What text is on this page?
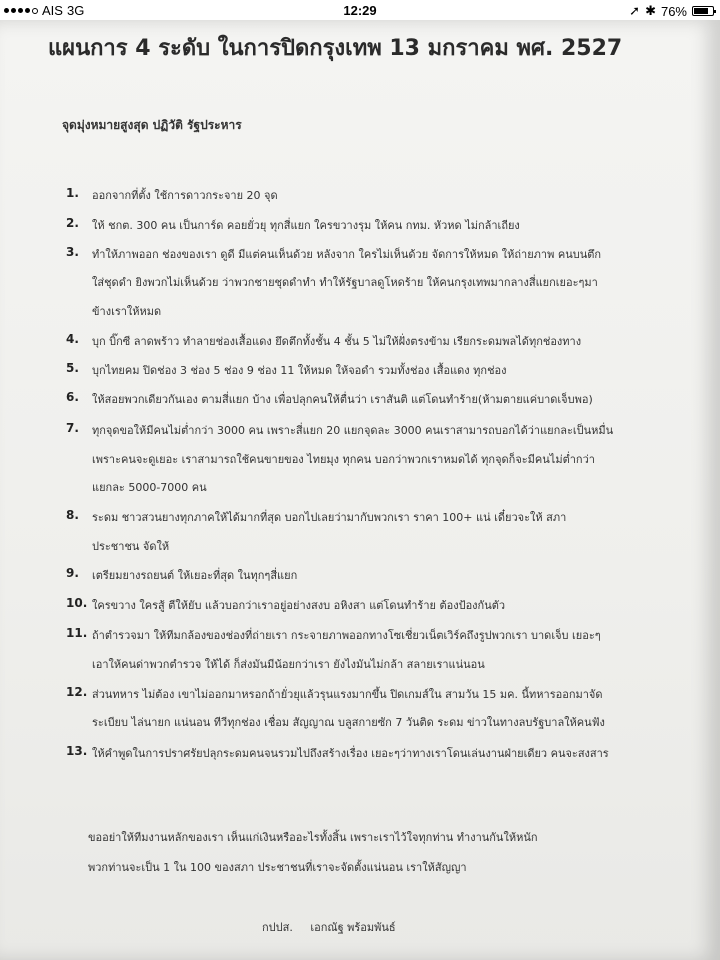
AIS 3G	12:29	➚ ✱ 76%
แผนการ 4 ระดับ ในการปิดกรุงเทพ 13 มกราคม พศ. 2527
จุดมุ่งหมายสูงสุด ปฏิวัติ รัฐประหาร
1.	ออกจากที่ตั้ง ใช้การดาวกระจาย 20 จุด
2.	ให้ ชกต. 300 คน เป็นการ์ด คอยยั่วยุ ทุกสี่แยก ใครขวางรุม ให้คน กทม. หัวหด ไม่กล้าเถียง
3.	ทำให้ภาพออก ช่องของเรา ดูดี มีแต่คนเห็นด้วย หลังจาก ใครไม่เห็นด้วย จัดการให้หมด ให้ถ่ายภาพ คนบนตึก
ใส่ชุดดำ ยิงพวกไม่เห็นด้วย ว่าพวกชายชุดดำทำ ทำให้รัฐบาลดูโหดร้าย ให้คนกรุงเทพมากลางสี่แยกเยอะๆมา
ข้างเราให้หมด
4.	บุก บิ๊กซี ลาดพร้าว ทำลายช่องเสื้อแดง ยึดตึกทั้งชั้น 4 ชั้น 5 ไม่ให้ฝั่งตรงข้าม เรียกระดมพลได้ทุกช่องทาง
5.	บุกไทยคม ปิดช่อง 3 ช่อง 5 ช่อง 9 ช่อง 11 ให้หมด ให้จอดำ รวมทั้งช่อง เสื้อแดง ทุกช่อง
6.	ให้สอยพวกเดียวกันเอง ตามสี่แยก บ้าง เพื่อปลุกคนให้ตื่นว่า เราสันติ แต่โดนทำร้าย(ห้ามตายแค่บาดเจ็บพอ)
7.	ทุกจุดขอให้มีคนไม่ต่ำกว่า 3000 คน เพราะสี่แยก 20 แยกจุดละ 3000 คนเราสามารถบอกได้ว่าแยกละเป็นหมื่น
เพราะคนจะดูเยอะ เราสามารถใช้คนขายของ ไทยมุง ทุกคน บอกว่าพวกเราหมดได้ ทุกจุดก็จะมีคนไม่ต่ำกว่า
แยกละ 5000-7000 คน
8.	ระดม ชาวสวนยางทุกภาคให้ได้มากที่สุด บอกไปเลยว่ามากับพวกเรา ราคา 100+ แน่ เดี๋ยวจะให้ สภา
ประชาชน จัดให้
9.	เตรียมยางรถยนต์ ให้เยอะที่สุด ในทุกๆสี่แยก
10. ใครขวาง ใครสู้ ตีให้ยับ แล้วบอกว่าเราอยู่อย่างสงบ อหิงสา แต่โดนทำร้าย ต้องป้องกันตัว
11. ถ้าตำรวจมา ให้ทีมกล้องของช่องที่ถ่ายเรา กระจายภาพออกทางโซเชี่ยวเน็ตเวิร์คถึงรูปพวกเรา บาดเจ็บ เยอะๆ
เอาให้คนด่าพวกตำรวจ ให้ได้ ก็ส่งมันมีน้อยกว่าเรา ยังไงมันไม่กล้า สลายเราแน่นอน
12. ส่วนทหาร ไม่ต้อง เขาไม่ออกมาหรอกถ้ายั่วยุแล้วรุนแรงมากขึ้น ปิดเกมส์ใน สามวัน 15 มค. นี้ทหารออกมาจัด
ระเบียบ ไล่นายก แน่นอน ทีวีทุกช่อง เชื่อม สัญญาณ บลูสกายซัก 7 วันติด ระดม ข่าวในทางลบรัฐบาลให้คนฟัง
13. ให้คำพูดในการปราศรัยปลุกระดมคนจนรวมไปถึงสร้างเรื่อง เยอะๆว่าทางเราโดนเล่นงานฝ่ายเดียว คนจะสงสาร
ขออย่าให้ทีมงานหลักของเรา เห็นแก่เงินหรืออะไรทั้งสิ้น เพราะเราไว้ใจทุกท่าน ทำงานกันให้หนัก
พวกท่านจะเป็น 1 ใน 100 ของสภา ประชาชนที่เราจะจัดตั้งแน่นอน เราให้สัญญา
กปปส. เอกณัฐ พร้อมพันธ์
